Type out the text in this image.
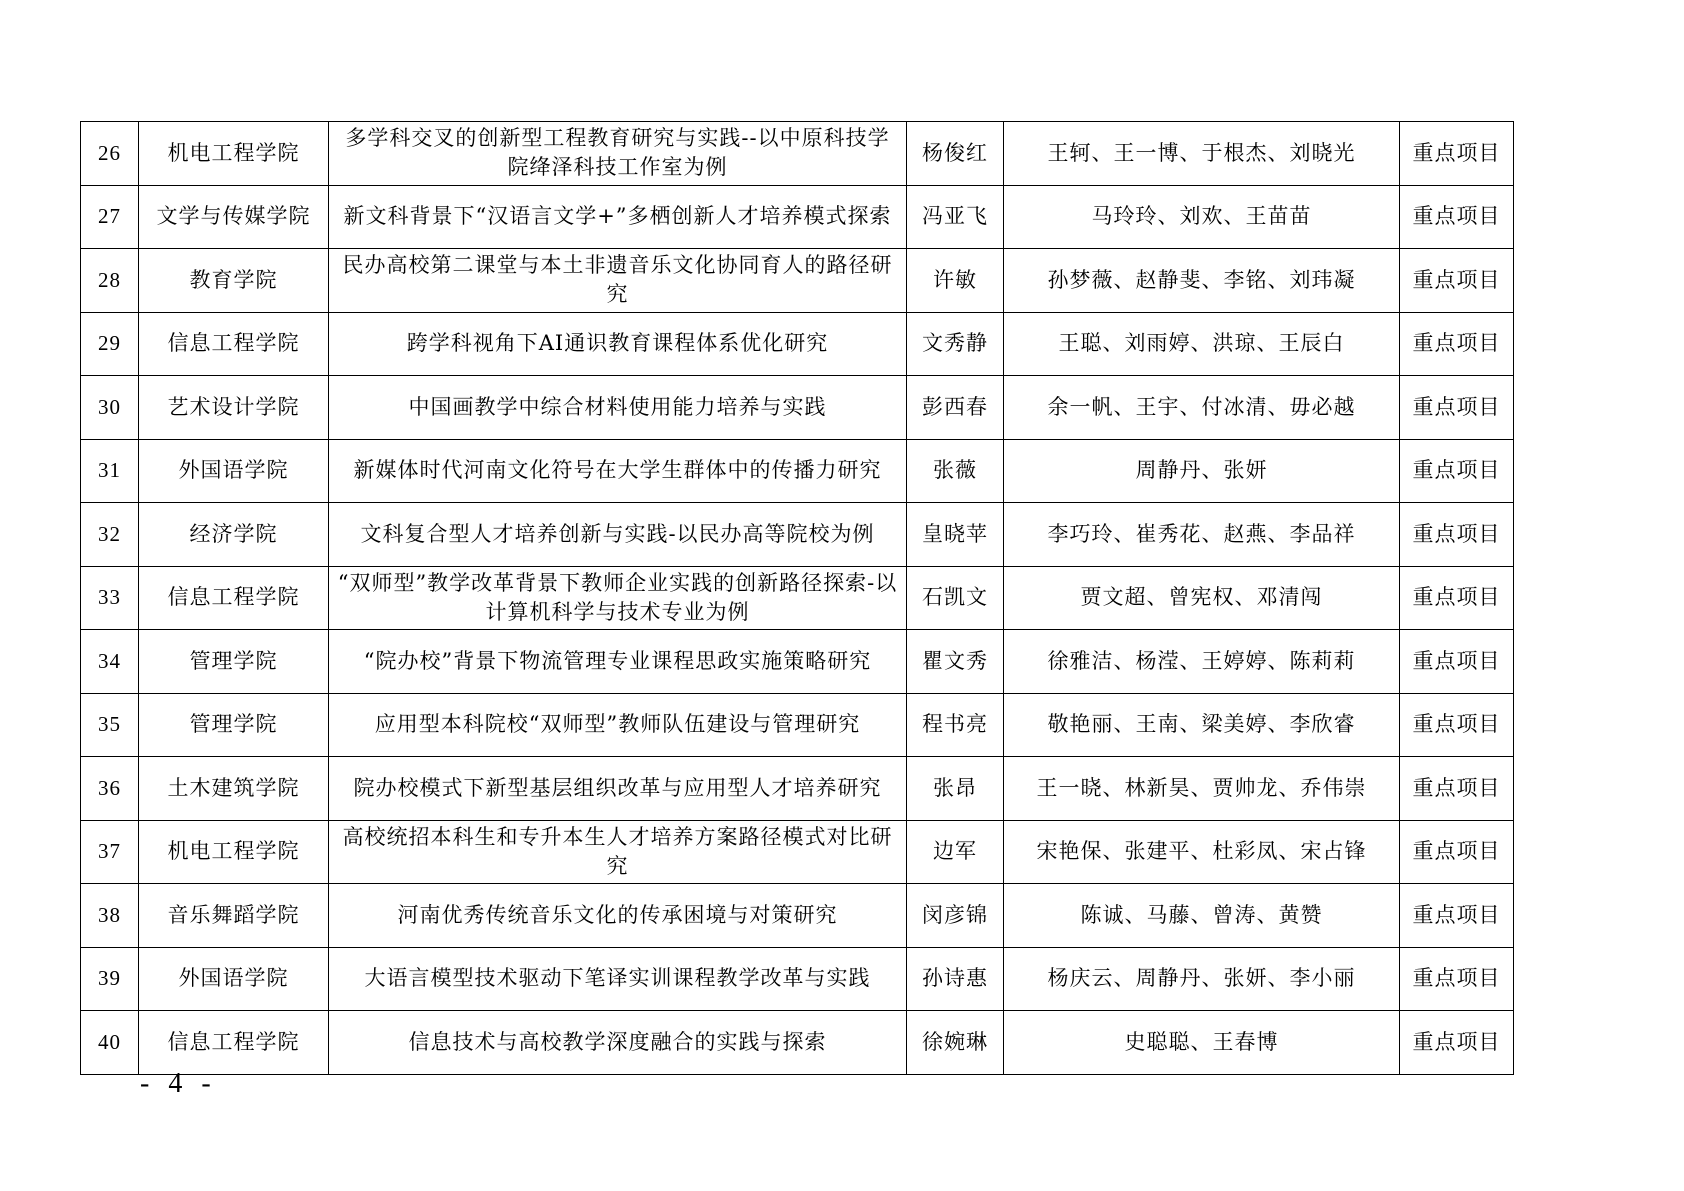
26	机电工程学院	多学科交叉的创新型工程教育研究与实践--以中原科技学院绛泽科技工作室为例	杨俊红	王轲、王一博、于根杰、刘晓光	重点项目
27	文学与传媒学院	新文科背景下“汉语言文学+”多栖创新人才培养模式探索	冯亚飞	马玲玲、刘欢、王苗苗	重点项目
28	教育学院	民办高校第二课堂与本土非遗音乐文化协同育人的路径研究	许敏	孙梦薇、赵静斐、李铭、刘玮凝	重点项目
29	信息工程学院	跨学科视角下AI通识教育课程体系优化研究	文秀静	王聪、刘雨婷、洪琼、王辰白	重点项目
30	艺术设计学院	中国画教学中综合材料使用能力培养与实践	彭西春	余一帆、王宇、付冰清、毋必越	重点项目
31	外国语学院	新媒体时代河南文化符号在大学生群体中的传播力研究	张薇	周静丹、张妍	重点项目
32	经济学院	文科复合型人才培养创新与实践-以民办高等院校为例	皇晓苹	李巧玲、崔秀花、赵燕、李品祥	重点项目
33	信息工程学院	“双师型”教学改革背景下教师企业实践的创新路径探索-以计算机科学与技术专业为例	石凯文	贾文超、曾宪权、邓清闯	重点项目
34	管理学院	“院办校”背景下物流管理专业课程思政实施策略研究	瞿文秀	徐雅洁、杨滢、王婷婷、陈莉莉	重点项目
35	管理学院	应用型本科院校“双师型”教师队伍建设与管理研究	程书亮	敬艳丽、王南、梁美婷、李欣睿	重点项目
36	土木建筑学院	院办校模式下新型基层组织改革与应用型人才培养研究	张昂	王一晓、林新昊、贾帅龙、乔伟崇	重点项目
37	机电工程学院	高校统招本科生和专升本生人才培养方案路径模式对比研究	边军	宋艳保、张建平、杜彩凤、宋占锋	重点项目
38	音乐舞蹈学院	河南优秀传统音乐文化的传承困境与对策研究	闵彦锦	陈诚、马藤、曾涛、黄赞	重点项目
39	外国语学院	大语言模型技术驱动下笔译实训课程教学改革与实践	孙诗惠	杨庆云、周静丹、张妍、李小丽	重点项目
40	信息工程学院	信息技术与高校教学深度融合的实践与探索	徐婉琳	史聪聪、王春博	重点项目
- 4 -
